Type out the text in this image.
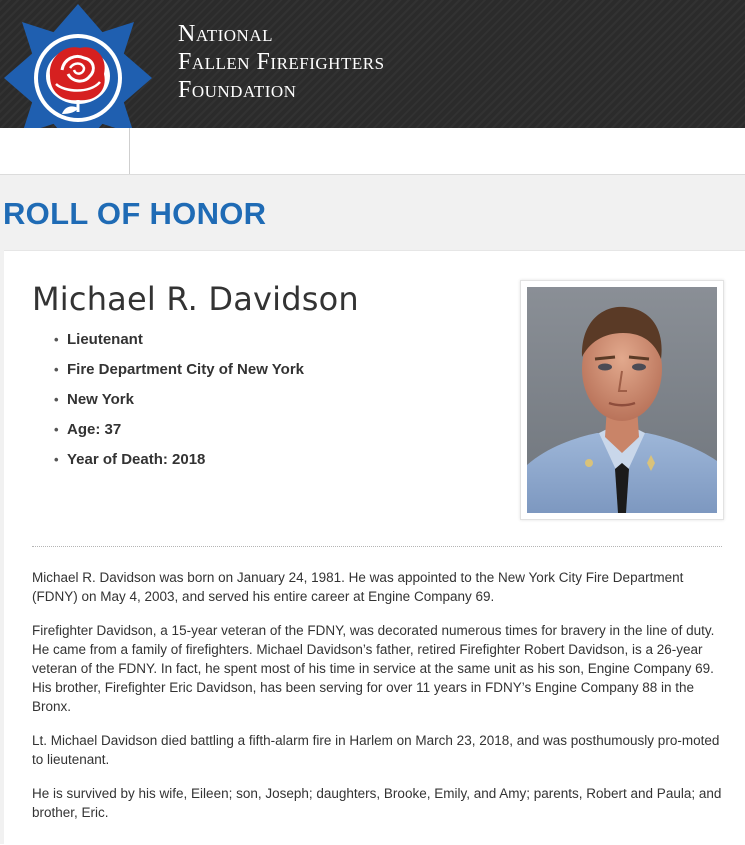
National
Fallen Firefighters
Foundation
ROLL OF HONOR
Michael R. Davidson
• Lieutenant
• Fire Department City of New York
• New York
• Age: 37
• Year of Death: 2018

Michael R. Davidson was born on January 24, 1981. He was appointed to the New York City Fire Department (FDNY) on May 4, 2003, and served his entire career at Engine Company 69.

Firefighter Davidson, a 15-year veteran of the FDNY, was decorated numerous times for bravery in the line of duty. He came from a family of firefighters. Michael Davidson’s father, retired Firefighter Robert Davidson, is a 26-year veteran of the FDNY. In fact, he spent most of his time in service at the same unit as his son, Engine Company 69. His brother, Firefighter Eric Davidson, has been serving for over 11 years in FDNY’s Engine Company 88 in the Bronx.

Lt. Michael Davidson died battling a fifth-alarm fire in Harlem on March 23, 2018, and was posthumously pro-moted to lieutenant.

He is survived by his wife, Eileen; son, Joseph; daughters, Brooke, Emily, and Amy; parents, Robert and Paula; and brother, Eric.
